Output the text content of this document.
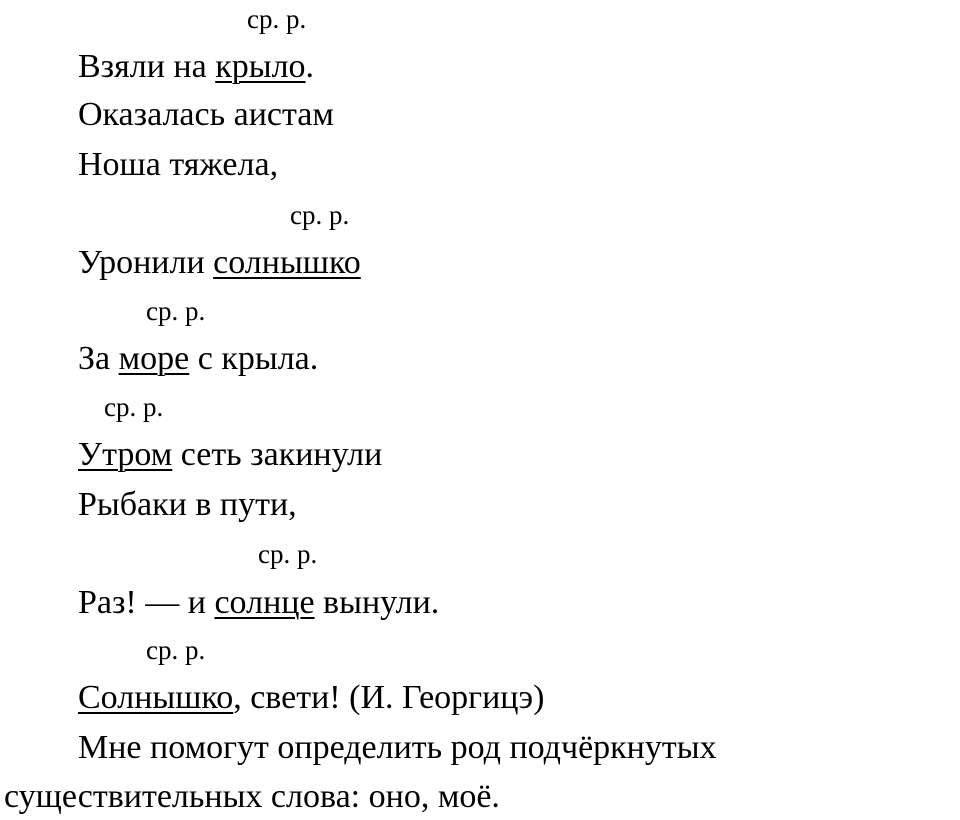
ср. р.
Взяли на крыло.
Оказалась аистам
Ноша тяжела,
ср. р.
Уронили солнышко
ср. р.
За море с крыла.
ср. р.
Утром сеть закинули
Рыбаки в пути,
ср. р.
Раз! — и солнце вынули.
ср. р.
Солнышко, свети! (И. Георгицэ)
Мне помогут определить род подчёркнутых
существительных слова: оно, моё.
